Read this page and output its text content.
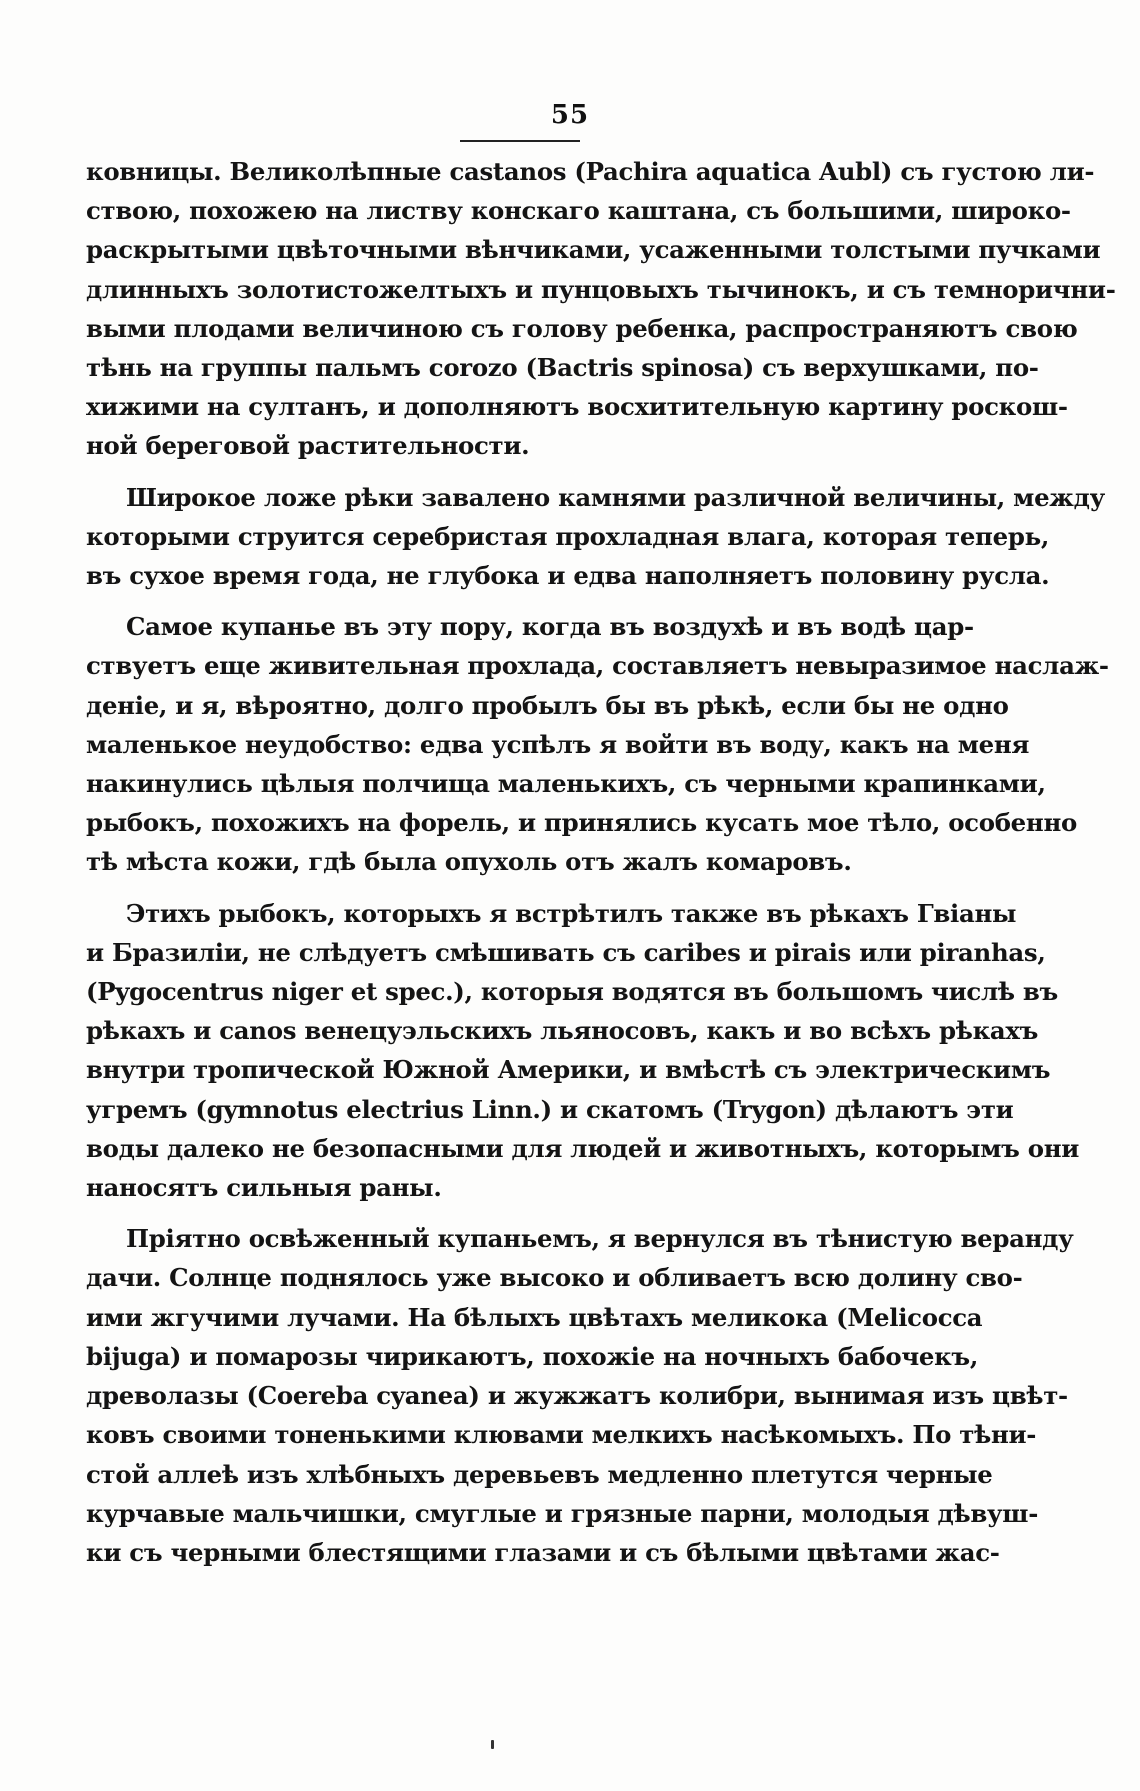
55
ковницы. Великолѣпные castanos (Pachira aquatica Aubl) съ густою ли-
ствою, похожею на листву конскаго каштана, съ большими, широко-
раскрытыми цвѣточными вѣнчиками, усаженными толстыми пучками
длинныхъ золотистожелтыхъ и пунцовыхъ тычинокъ, и съ темнорични-
выми плодами величиною съ голову ребенка, распространяютъ свою
тѣнь на группы пальмъ corozo (Bactris spinosa) съ верхушками, по-
хижими на султанъ, и дополняютъ восхитительную картину роскош-
ной береговой растительности.
Широкое ложе рѣки завалено камнями различной величины, между
которыми струится серебристая прохладная влага, которая теперь,
въ сухое время года, не глубока и едва наполняетъ половину русла.
Самое купанье въ эту пору, когда въ воздухѣ и въ водѣ цар-
ствуетъ еще живительная прохлада, составляетъ невыразимое наслаж-
деніе, и я, вѣроятно, долго пробылъ бы въ рѣкѣ, если бы не одно
маленькое неудобство: едва успѣлъ я войти въ воду, какъ на меня
накинулись цѣлыя полчища маленькихъ, съ черными крапинками,
рыбокъ, похожихъ на форель, и принялись кусать мое тѣло, особенно
тѣ мѣста кожи, гдѣ была опухоль отъ жалъ комаровъ.
Этихъ рыбокъ, которыхъ я встрѣтилъ также въ рѣкахъ Гвіаны
и Бразиліи, не слѣдуетъ смѣшивать съ caribes и pirais или piranhas,
(Pygocentrus niger et spec.), которыя водятся въ большомъ числѣ въ
рѣкахъ и canos венецуэльскихъ льяносовъ, какъ и во всѣхъ рѣкахъ
внутри тропической Южной Америки, и вмѣстѣ съ электрическимъ
угремъ (gymnotus electrius Linn.) и скатомъ (Trygon) дѣлаютъ эти
воды далеко не безопасными для людей и животныхъ, которымъ они
наносятъ сильныя раны.
Пріятно освѣженный купаньемъ, я вернулся въ тѣнистую веранду
дачи. Солнце поднялось уже высоко и обливаетъ всю долину сво-
ими жгучими лучами. На бѣлыхъ цвѣтахъ меликока (Melicocca
bijuga) и помарозы чирикаютъ, похожіе на ночныхъ бабочекъ,
древолазы (Coereba cyanea) и жужжатъ колибри, вынимая изъ цвѣт-
ковъ своими тоненькими клювами мелкихъ насѣкомыхъ. По тѣни-
стой аллеѣ изъ хлѣбныхъ деревьевъ медленно плетутся черные
курчавые мальчишки, смуглые и грязные парни, молодыя дѣвуш-
ки съ черными блестящими глазами и съ бѣлыми цвѣтами жас-
